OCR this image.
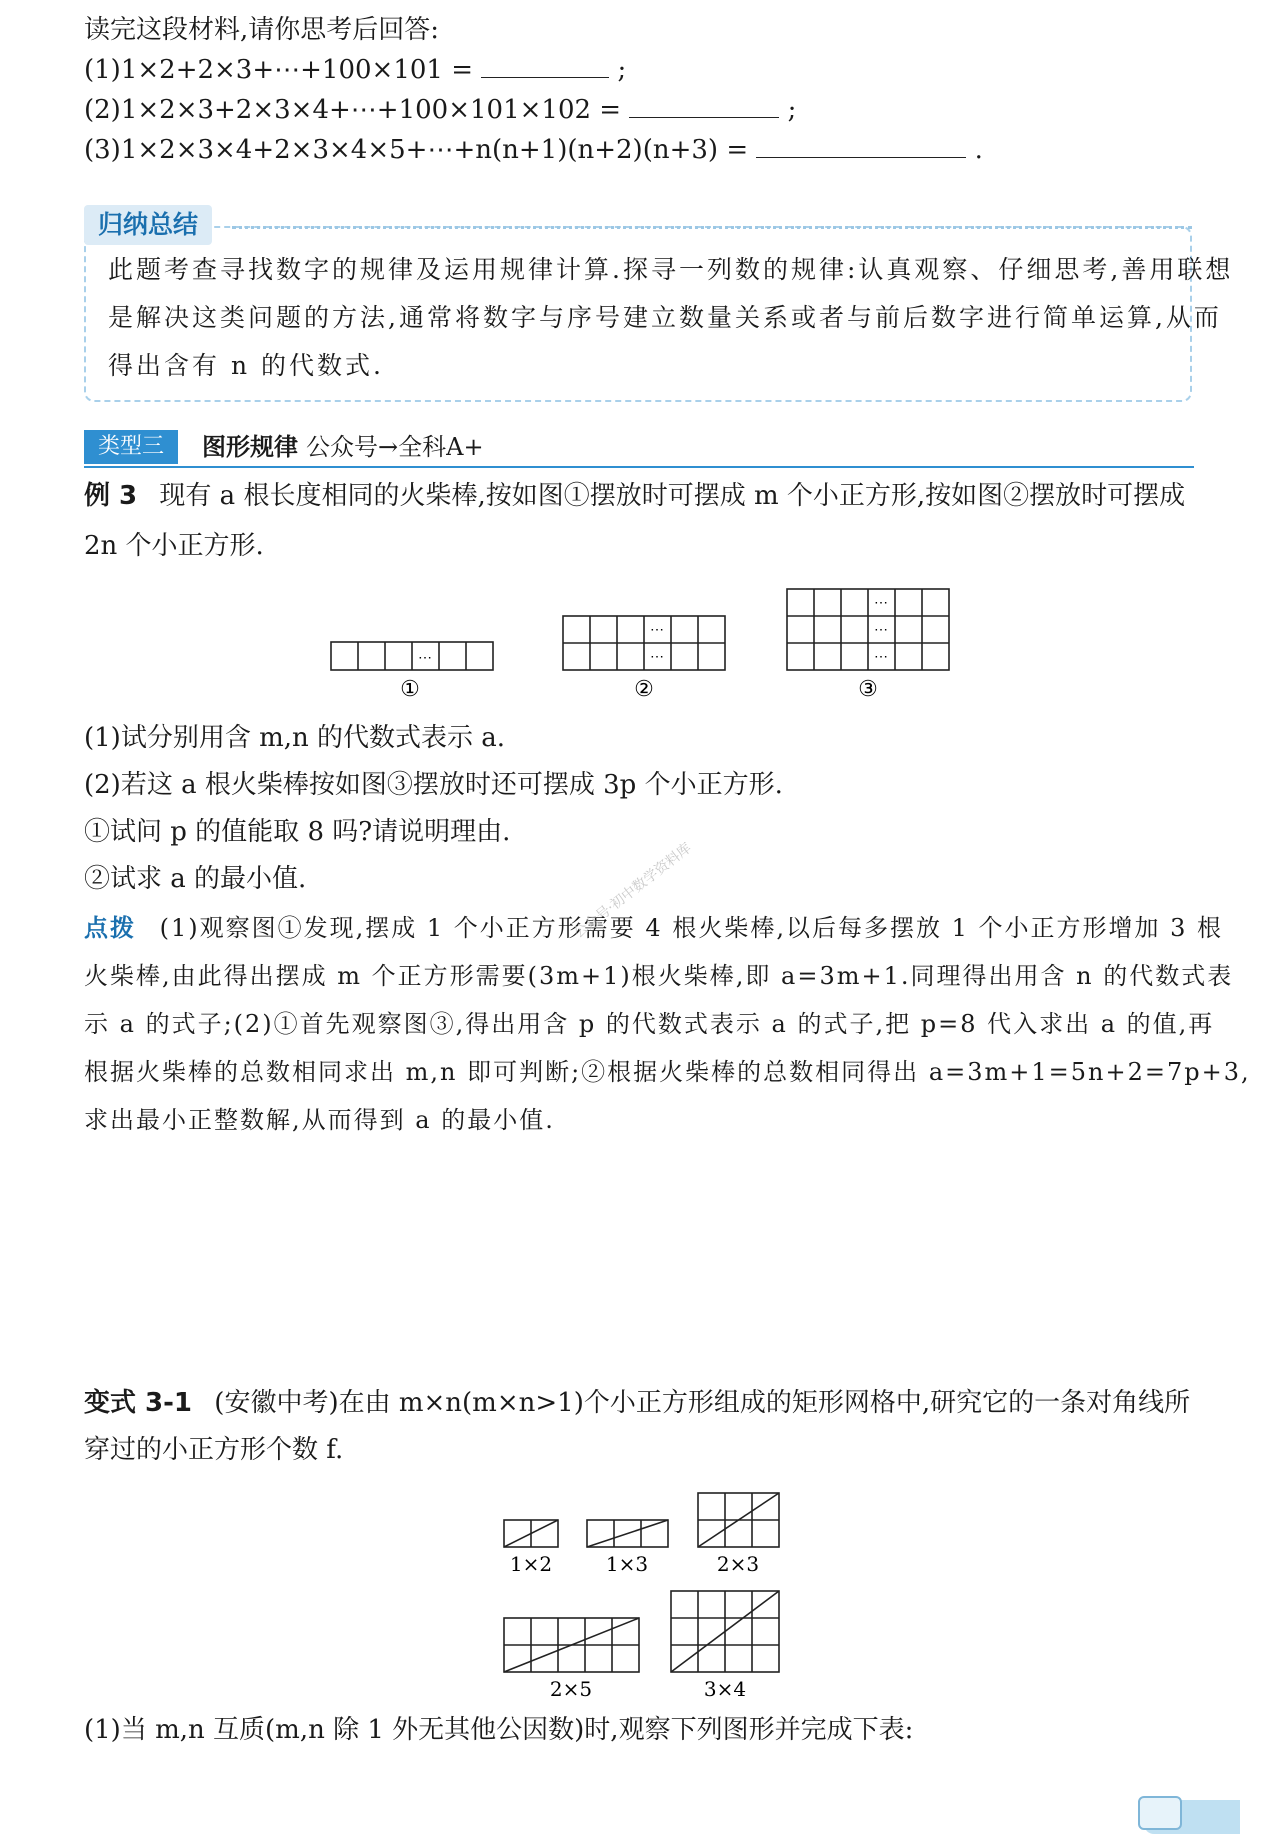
读完这段材料,请你思考后回答:
(1)1×2+2×3+⋯+100×101 =	;
(2)1×2×3+2×3×4+⋯+100×101×102 =	;
(3)1×2×3×4+2×3×4×5+⋯+n(n+1)(n+2)(n+3) =	.
归纳总结
此题考查寻找数字的规律及运用规律计算.探寻一列数的规律:认真观察、仔细思考,善用联想
是解决这类问题的方法,通常将数字与序号建立数量关系或者与前后数字进行简单运算,从而
得出含有 n 的代数式.
类型三	图形规律 公众号→全科A+
例 3 现有 a 根长度相同的火柴棒,按如图①摆放时可摆成 m 个小正方形,按如图②摆放时可摆成
2n 个小正方形.
⋯
①
⋯
⋯
②
⋯
⋯
⋯
③
(1)试分别用含 m,n 的代数式表示 a.
(2)若这 a 根火柴棒按如图③摆放时还可摆成 3p 个小正方形.
①试问 p 的值能取 8 吗?请说明理由.
②试求 a 的最小值.
点拨 (1)观察图①发现,摆成 1 个小正方形需要 4 根火柴棒,以后每多摆放 1 个小正方形增加 3 根
火柴棒,由此得出摆成 m 个正方形需要(3m+1)根火柴棒,即 a=3m+1.同理得出用含 n 的代数式表
示 a 的式子;(2)①首先观察图③,得出用含 p 的代数式表示 a 的式子,把 p=8 代入求出 a 的值,再
根据火柴棒的总数相同求出 m,n 即可判断;②根据火柴棒的总数相同得出 a=3m+1=5n+2=7p+3,
求出最小正整数解,从而得到 a 的最小值.
公众号·初中数学资料库
变式 3-1 (安徽中考)在由 m×n(m×n>1)个小正方形组成的矩形网格中,研究它的一条对角线所
穿过的小正方形个数 f.
1×2	1×3	2×3
2×5	3×4
(1)当 m,n 互质(m,n 除 1 外无其他公因数)时,观察下列图形并完成下表:
